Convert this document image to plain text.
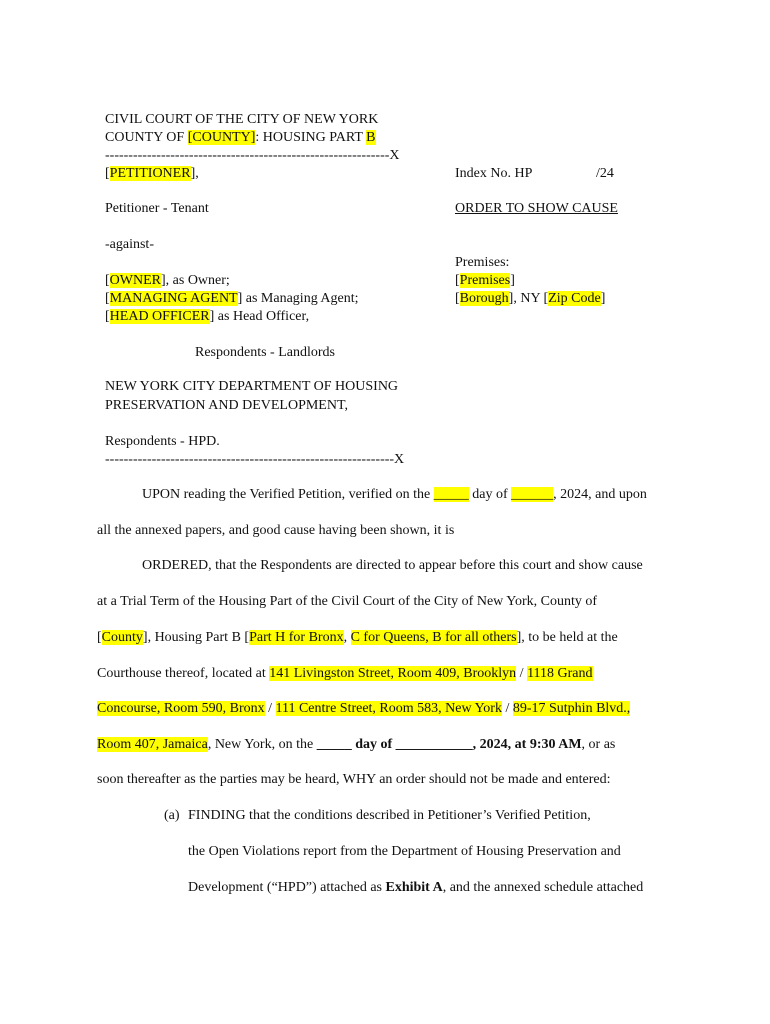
CIVIL COURT OF THE CITY OF NEW YORK
COUNTY OF [COUNTY]: HOUSING PART B
-------------------------------------------------------------X
[PETITIONER],
Petitioner - Tenant
-against-
[OWNER], as Owner;
[MANAGING AGENT] as Managing Agent;
[HEAD OFFICER] as Head Officer,
Respondents - Landlords
NEW YORK CITY DEPARTMENT OF HOUSING
PRESERVATION AND DEVELOPMENT,
Respondents - HPD.
--------------------------------------------------------------X
Index No. HP	/24
ORDER TO SHOW CAUSE
Premises:
[Premises]
[Borough], NY [Zip Code]
UPON reading the Verified Petition, verified on the _____ day of ______, 2024, and upon
all the annexed papers, and good cause having been shown, it is
ORDERED, that the Respondents are directed to appear before this court and show cause
at a Trial Term of the Housing Part of the Civil Court of the City of New York, County of
[County], Housing Part B [Part H for Bronx, C for Queens, B for all others], to be held at the
Courthouse thereof, located at 141 Livingston Street, Room 409, Brooklyn / 1118 Grand
Concourse, Room 590, Bronx / 111 Centre Street, Room 583, New York / 89-17 Sutphin Blvd.,
Room 407, Jamaica, New York, on the _____ day of ___________, 2024, at 9:30 AM, or as
soon thereafter as the parties may be heard, WHY an order should not be made and entered:
(a) FINDING that the conditions described in Petitioner’s Verified Petition,
the Open Violations report from the Department of Housing Preservation and
Development (“HPD”) attached as Exhibit A, and the annexed schedule attached
